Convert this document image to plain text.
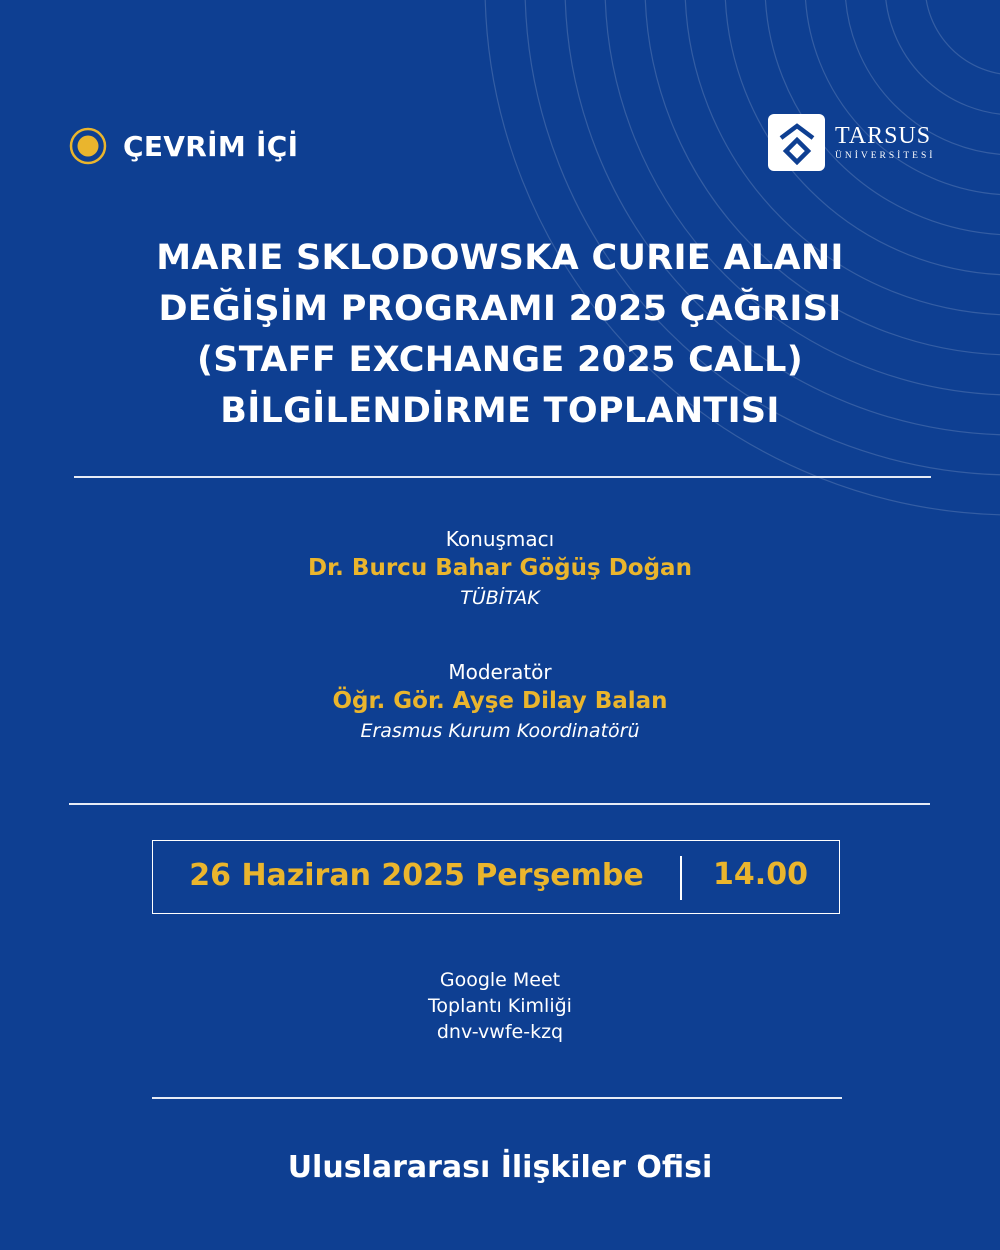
ÇEVRİM İÇİ	TARSUS
ÜNİVERSİTESİ
MARIE SKLODOWSKA CURIE ALANI
DEĞİŞİM PROGRAMI 2025 ÇAĞRISI
(STAFF EXCHANGE 2025 CALL)
BİLGİLENDİRME TOPLANTISI
Konuşmacı
Dr. Burcu Bahar Göğüş Doğan
TÜBİTAK
Moderatör
Öğr. Gör. Ayşe Dilay Balan
Erasmus Kurum Koordinatörü
26 Haziran 2025 Perşembe	14.00
Google Meet
Toplantı Kimliği
dnv-vwfe-kzq
Uluslararası İlişkiler Ofisi
